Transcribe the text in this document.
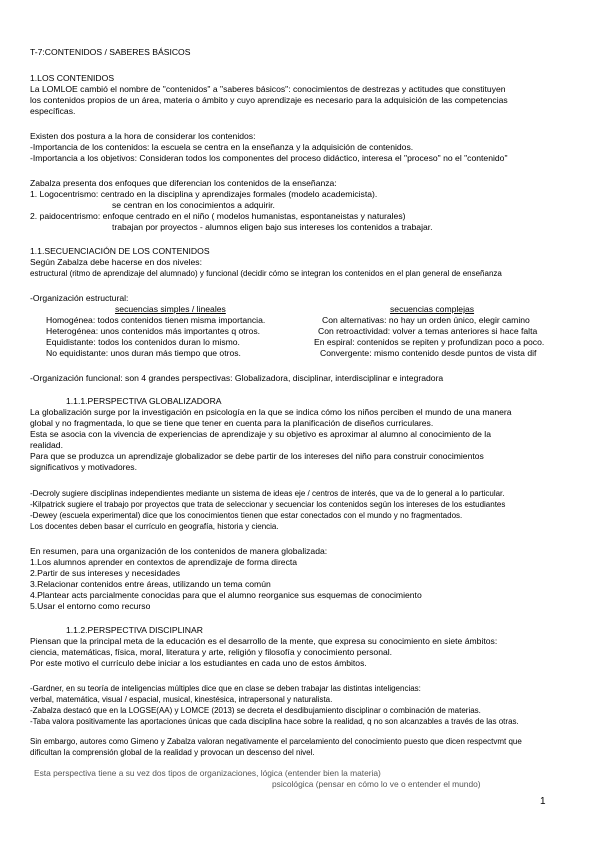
T-7:CONTENIDOS / SABERES BÁSICOS

1.LOS CONTENIDOS

La LOMLOE cambió el nombre de "contenidos" a "saberes básicos": conocimientos de destrezas y actitudes que constituyen

los contenidos propios de un área, materia o ámbito y cuyo aprendizaje es necesario para la adquisición de las competencias

específicas.

Existen dos postura a la hora de considerar los contenidos:

-Importancia de los contenidos: la escuela se centra en la enseñanza y la adquisición de contenidos.

-Importancia a los objetivos: Consideran todos los componentes del proceso didáctico, interesa el "proceso" no el "contenido"

Zabalza presenta dos enfoques que diferencian los contenidos de la enseñanza:

1. Logocentrismo: centrado en la disciplina y aprendizajes formales (modelo academicista).

se centran en los conocimientos a adquirir.

2. paidocentrismo: enfoque centrado en el niño ( modelos humanistas, espontaneistas y naturales)

trabajan por proyectos - alumnos eligen bajo sus intereses los contenidos a trabajar.

1.1.SECUENCIACIÓN DE LOS CONTENIDOS

Según Zabalza debe hacerse en dos niveles:

estructural (ritmo de aprendizaje del alumnado) y funcional (decidir cómo se integran los contenidos en el plan general de enseñanza

-Organización estructural:

secuencias simples / lineales	secuencias complejas
Homogénea: todos contenidos tienen misma importancia.	Con alternativas: no hay un orden único, elegir camino
Heterogénea: unos contenidos más importantes q otros.	Con retroactividad: volver a temas anteriores si hace falta
Equidistante: todos los contenidos duran lo mismo.	En espiral: contenidos se repiten y profundizan poco a poco.
No equidistante: unos duran más tiempo que otros.	Convergente: mismo contenido desde puntos de vista dif

-Organización funcional: son 4 grandes perspectivas: Globalizadora, disciplinar, interdisciplinar e integradora

1.1.1.PERSPECTIVA GLOBALIZADORA

La globalización surge por la investigación en psicología en la que se indica cómo los niños perciben el mundo de una manera

global y no fragmentada, lo que se tiene que tener en cuenta para la planificación de diseños curriculares.

Esta se asocia con la vivencia de experiencias de aprendizaje y su objetivo es aproximar al alumno al conocimiento de la

realidad.

Para que se produzca un aprendizaje globalizador se debe partir de los intereses del niño para construir conocimientos

significativos y motivadores.

-Decroly sugiere disciplinas independientes mediante un sistema de ideas eje / centros de interés, que va de lo general a lo particular.

-Kilpatrick sugiere el trabajo por proyectos que trata de seleccionar y secuenciar los contenidos según los intereses de los estudiantes

-Dewey (escuela experimental) dice que los conocimientos tienen que estar conectados con el mundo y no fragmentados.

Los docentes deben basar el currículo en geografía, historia y ciencia.

En resumen, para una organización de los contenidos de manera globalizada:

1.Los alumnos aprender en contextos de aprendizaje de forma directa

2.Partir de sus intereses y necesidades

3.Relacionar contenidos entre áreas, utilizando un tema común

4.Plantear acts parcialmente conocidas para que el alumno reorganice sus esquemas de conocimiento

5.Usar el entorno como recurso

1.1.2.PERSPECTIVA DISCIPLINAR

Piensan que la principal meta de la educación es el desarrollo de la mente, que expresa su conocimiento en siete ámbitos:

ciencia, matemáticas, física, moral, literatura y arte, religión y filosofía y conocimiento personal.

Por este motivo el currículo debe iniciar a los estudiantes en cada uno de estos ámbitos.

-Gardner, en su teoría de inteligencias múltiples dice que en clase se deben trabajar las distintas inteligencias:

verbal, matemática, visual / espacial, musical, kinestésica, intrapersonal y naturalista.

-Zabalza destacó que en la LOGSE(AA) y LOMCE (2013) se decreta el desdibujamiento disciplinar o combinación de materias.

-Taba valora positivamente las aportaciones únicas que cada disciplina hace sobre la realidad, q no son alcanzables a través de las otras.

Sin embargo, autores como Gimeno y Zabalza valoran negativamente el parcelamiento del conocimiento puesto que dicen respectvmt que

dificultan la comprensión global de la realidad y provocan un descenso del nivel.

Esta perspectiva tiene a su vez dos tipos de organizaciones, lógica (entender bien la materia)

psicológica (pensar en cómo lo ve o entender el mundo)

1
